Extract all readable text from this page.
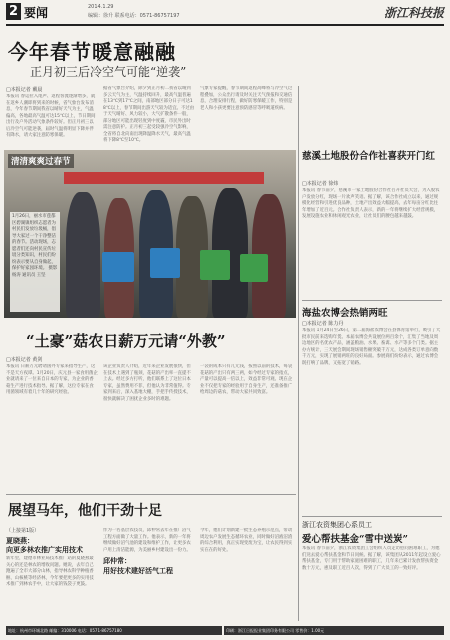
2 要闻	2014.1.29
编辑：徐升 联系电话：0571-86757197	浙江科技报
今年春节暖意融融
正月初三后冷空气可能“逆袭”
□本报记者 戴晨
本报讯 春运拉入尾声、返程客流逐渐增多，就在返乡人潮即将到来的时候，省气象台发布消息，今年春节期间我省以晴好天气为主，气温偏高，各地最高气温可达15℃以上，节日期间出行及户外活动气象条件较好。但正月初三以后冷空气可能逆袭，届时气温将明显下降并伴有降水，请大家注意防寒保暖。
据省气象台介绍，除夕到正月初二我省以晴到多云天气为主，气温持续回升，最高气温普遍在13℃到17℃之间，南部地区部分日子可达18℃以上，春节期间出游天气较为适宜。不过由于天气晴好、风力较小，大气扩散条件一般，部分地区可能出现轻度到中度霾，市民外出时需注意防护。正月初三起受较强冷空气影响，全省将自北向南出现降温降水天气，最高气温将下降8℃至10℃。
气象专家提醒，春节期间返程高峰将与冷空气过程叠加，公众出行请及时关注天气预报和交通信息，合理安排行程，做好防寒保暖工作，特别是老人和小孩更要注意预防感冒等呼吸道疾病。
清清爽爽过春节
1月26日，丽水市莲都区碧湖镇组织志愿者为村民们发放垃圾桶，倡导大家过一个干净整洁的春节。活动现场，志愿者们还向村民宣传垃圾分类知识，村民们纷纷表示要从自身做起，保护好家园环境。 摄影 杨涛 通讯员 王坚
“土豪”菇农日薪万元请“外教”
□本报记者 黄剑
本报讯 日薪万元聘请国外专家来指导生产，这不是天方夜谭。1月20日，庆元县一家食用菌企业就请来了一位来自日本的专家，为企业的香菇生产进行技术指导。据了解，这位专家在食用菌领域有着几十年的研究经验。
该企业负责人介绍，近年来企业发展很快，但在技术上遇到了瓶颈，花菇的产出率一直提不上去。经过多方打听，他们联系上了这位日本专家，虽然费用不菲，但他认为非常值得。专家到来后，深入基地大棚，手把手传授技术，很快就解决了困扰企业多时的难题。
一袋的成本只有几元钱，按照以前的技术，每袋花菇的产出只有两三两，如今经过专家的指点，产量可以提高一倍以上，效益非常可观。现在企业不仅把专家的经验用于自身生产，还准备推广给周边的菇农，带动大家共同致富。
展望马年，他们干劲十足
（上接第1版）
夏晓燕：
向更多林农推广实用技术
新年里，建德市林业局技术推广站的夏晓燕最关心的还是林农的增收问题。她说，去年自己跑遍了全市大部分山林，指导林农科学种植香榧、山核桃等经济林，今年要把更多的实用技术推广到林农手中，让大家的钱袋子更鼓。
邱仲常：
用好技术建好活气工程
作为一名基层农技员，邱仲常去年在推广沼气工程方面做了大量工作。他表示，新的一年将继续做好沼气池的建设和维护工作，让更多农户用上清洁能源，为美丽乡村建设出一份力。
今年，他们计划新建一批生态养殖示范点，带动周边农户发展生态循环农业，同时做好沼液沼渣的综合利用，真正实现变废为宝，让农民得到实实在在的好处。
慈溪土地股份合作社喜获开门红
□本报记者 徐炜
本报讯 春节前夕，慈溪市一家土地股份合作社召开社员大会，为入股农户发放分红，现场一片欢声笑语。据了解，该合作社成立以来，通过规模化经营和引进优良品种，土地产出效益大幅提高，去年每亩分红比往年增加了近百元。合作社负责人表示，新的一年将继续扩大经营规模，发展设施农业和休闲观光农业，让社员们的腰包越来越鼓。
海盐农博会热销两旺
□本报记者 陈力丹
本报讯 1月24日至26日，第二届海盐农博会在县体育馆举行，吸引了大批市民前来选购年货。本届农博会共设展位两百余个，汇集了当地及周边地区的名优农产品，涵盖粮油、水果、畜禽、水产等多个门类。据主办方统计，三天展会期间现场销售额突破千万元，达成各类订单意向数千万元，实现了展销两旺的良好局面。参展商们纷纷表示，通过农博会既打响了品牌，又拓宽了销路。
浙江农资集团心系员工
爱心帮扶基金“雪中送炭”
本报讯 春节前夕，浙江农资集团工会组织人员走访慰问困难职工，为他们送去爱心帮扶基金和节日问候。据了解，该集团从2011年起设立爱心帮扶基金，专门用于帮助家庭困难的职工，几年来已累计发放帮扶资金数十万元，惠及职工近百人次，得到了广大员工的一致好评。
地址：杭州市环城北路 邮编：310006 电话：0571-86757180	印刷：浙江日报报业集团印务有限公司 零售价：1.00元
